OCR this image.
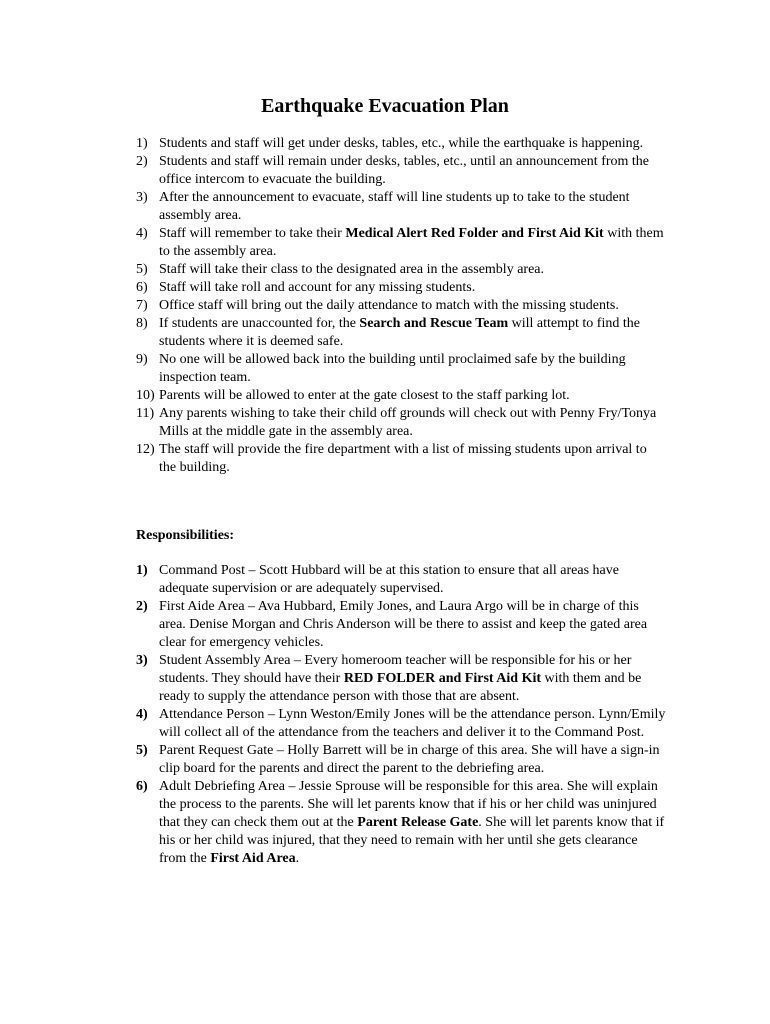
Earthquake Evacuation Plan
1) Students and staff will get under desks, tables, etc., while the earthquake is happening.
2) Students and staff will remain under desks, tables, etc., until an announcement from the office intercom to evacuate the building.
3) After the announcement to evacuate, staff will line students up to take to the student assembly area.
4) Staff will remember to take their Medical Alert Red Folder and First Aid Kit with them to the assembly area.
5) Staff will take their class to the designated area in the assembly area.
6) Staff will take roll and account for any missing students.
7) Office staff will bring out the daily attendance to match with the missing students.
8) If students are unaccounted for, the Search and Rescue Team will attempt to find the students where it is deemed safe.
9) No one will be allowed back into the building until proclaimed safe by the building inspection team.
10) Parents will be allowed to enter at the gate closest to the staff parking lot.
11) Any parents wishing to take their child off grounds will check out with Penny Fry/Tonya Mills at the middle gate in the assembly area.
12) The staff will provide the fire department with a list of missing students upon arrival to the building.
Responsibilities:
1) Command Post – Scott Hubbard will be at this station to ensure that all areas have adequate supervision or are adequately supervised.
2) First Aide Area – Ava Hubbard, Emily Jones, and Laura Argo will be in charge of this area. Denise Morgan and Chris Anderson will be there to assist and keep the gated area clear for emergency vehicles.
3) Student Assembly Area – Every homeroom teacher will be responsible for his or her students. They should have their RED FOLDER and First Aid Kit with them and be ready to supply the attendance person with those that are absent.
4) Attendance Person – Lynn Weston/Emily Jones will be the attendance person. Lynn/Emily will collect all of the attendance from the teachers and deliver it to the Command Post.
5) Parent Request Gate – Holly Barrett will be in charge of this area. She will have a sign-in clip board for the parents and direct the parent to the debriefing area.
6) Adult Debriefing Area – Jessie Sprouse will be responsible for this area. She will explain the process to the parents. She will let parents know that if his or her child was uninjured that they can check them out at the Parent Release Gate. She will let parents know that if his or her child was injured, that they need to remain with her until she gets clearance from the First Aid Area.
